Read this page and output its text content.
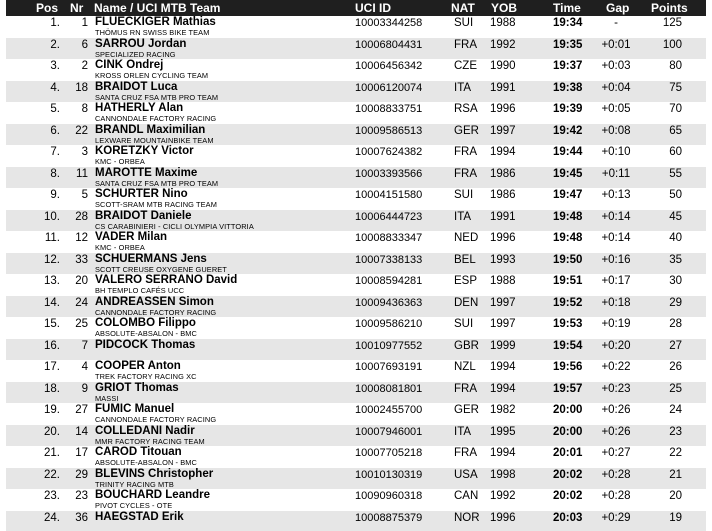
Pos Nr Name / UCI MTB Team	UCI ID	NAT YOB	Time Gap Points
1.	1 FLUECKIGER Mathias
THÖMUS RN SWISS BIKE TEAM
10003344258	SUI 1988	19:34	-	125
2.	6 SARROU Jordan
SPECIALIZED RACING
10006804431	FRA 1992	19:35	+0:01	100
3.	2 CINK Ondrej
KROSS ORLEN CYCLING TEAM
10006456342	CZE 1990	19:37	+0:03	80
4.	18 BRAIDOT Luca
SANTA CRUZ FSA MTB PRO TEAM
10006120074	ITA 1991	19:38	+0:04	75
5.	8 HATHERLY Alan
CANNONDALE FACTORY RACING
10008833751	RSA 1996	19:39	+0:05	70
6.	22 BRANDL Maximilian
LEXWARE MOUNTAINBIKE TEAM
10009586513	GER 1997	19:42	+0:08	65
7.	3 KORETZKY Victor
KMC - ORBEA
10007624382	FRA 1994	19:44	+0:10	60
8.	11 MAROTTE Maxime
SANTA CRUZ FSA MTB PRO TEAM
10003393566	FRA 1986	19:45	+0:11	55
9.	5 SCHURTER Nino
SCOTT-SRAM MTB RACING TEAM
10004151580	SUI 1986	19:47	+0:13	50
10.	28 BRAIDOT Daniele
CS CARABINIERI - CICLI OLYMPIA VITTORIA
10006444723	ITA 1991	19:48	+0:14	45
11.	12 VADER Milan
KMC - ORBEA
10008833347	NED 1996	19:48	+0:14	40
12.	33 SCHUERMANS Jens
SCOTT CREUSE OXYGENE GUERET
10007338133	BEL 1993	19:50	+0:16	35
13.	20 VALERO SERRANO David
BH TEMPLO CAFÉS UCC
10008594281	ESP 1988	19:51	+0:17	30
14.	24 ANDREASSEN Simon
CANNONDALE FACTORY RACING
10009436363	DEN 1997	19:52	+0:18	29
15.	25 COLOMBO Filippo
ABSOLUTE-ABSALON - BMC
10009586210	SUI 1997	19:53	+0:19	28
16.	7 PIDCOCK Thomas	10010977552	GBR 1999	19:54	+0:20	27
17.	4 COOPER Anton
TREK FACTORY RACING XC
10007693191	NZL 1994	19:56	+0:22	26
18.	9 GRIOT Thomas
MASSI
10008081801	FRA 1994	19:57	+0:23	25
19.	27 FUMIC Manuel
CANNONDALE FACTORY RACING
10002455700	GER 1982	20:00	+0:26	24
20.	14 COLLEDANI Nadir
MMR FACTORY RACING TEAM
10007946001	ITA 1995	20:00	+0:26	23
21.	17 CAROD Titouan
ABSOLUTE-ABSALON - BMC
10007705218	FRA 1994	20:01	+0:27	22
22.	29 BLEVINS Christopher
TRINITY RACING MTB
10010130319	USA 1998	20:02	+0:28	21
23.	23 BOUCHARD Leandre
PIVOT CYCLES - OTE
10090960318	CAN 1992	20:02	+0:28	20
24.	36 HAEGSTAD Erik	10008875379	NOR 1996	20:03	+0:29	19
